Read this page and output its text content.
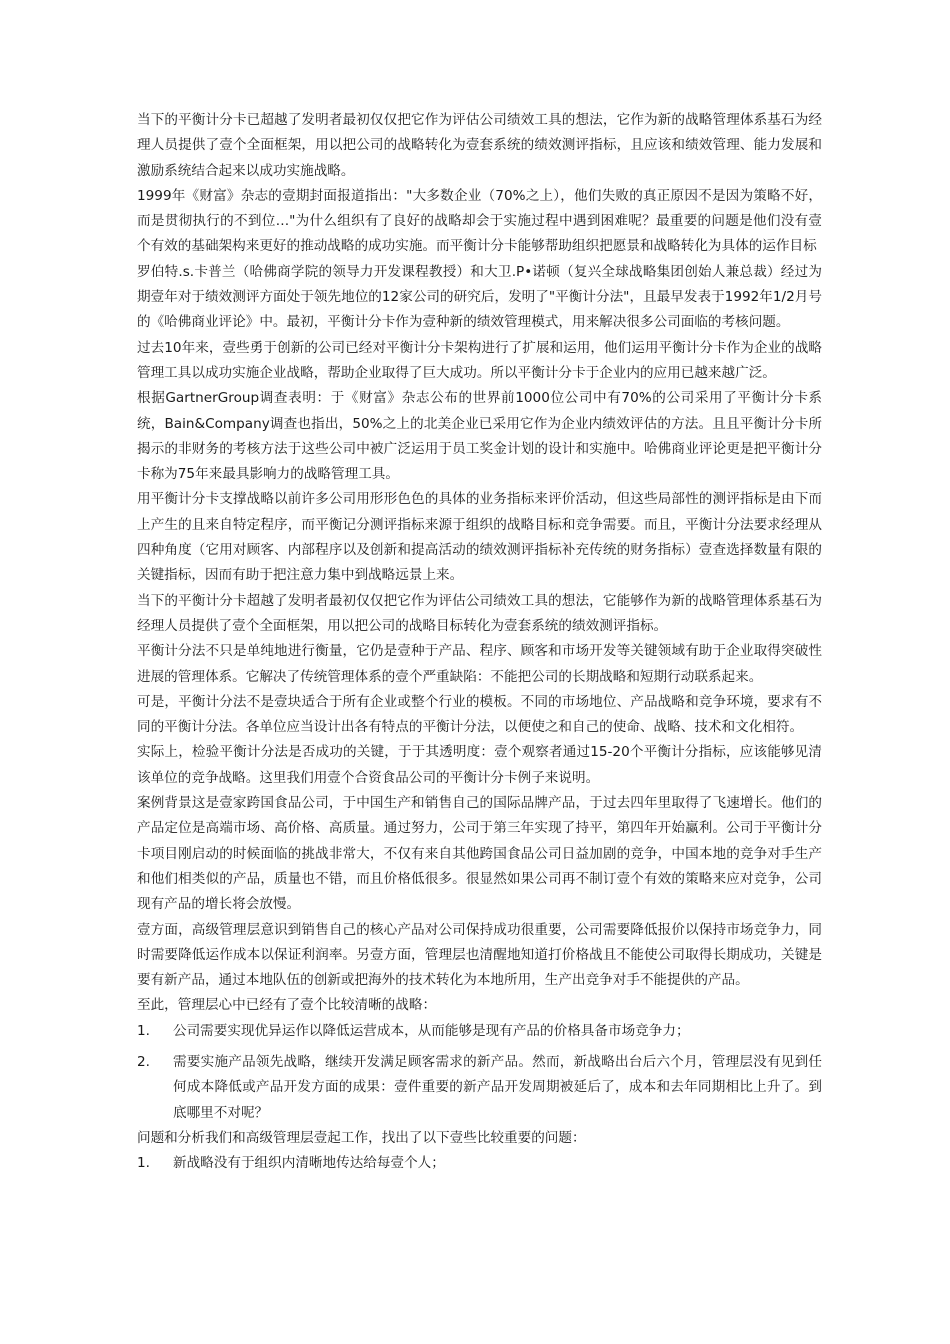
当下的平衡计分卡已超越了发明者最初仅仅把它作为评估公司绩效工具的想法，它作为新的战略管理体系基石为经理人员提供了壹个全面框架，用以把公司的战略转化为壹套系统的绩效测评指标，且应该和绩效管理、能力发展和激励系统结合起来以成功实施战略。

1999年《财富》杂志的壹期封面报道指出："大多数企业（70%之上），他们失败的真正原因不是因为策略不好，而是贯彻执行的不到位…"为什么组织有了良好的战略却会于实施过程中遇到困难呢？最重要的问题是他们没有壹个有效的基础架构来更好的推动战略的成功实施。而平衡计分卡能够帮助组织把愿景和战略转化为具体的运作目标

罗伯特.s.卡普兰（哈佛商学院的领导力开发课程教授）和大卫.P•诺顿（复兴全球战略集团创始人兼总裁）经过为期壹年对于绩效测评方面处于领先地位的12家公司的研究后，发明了"平衡计分法"，且最早发表于1992年1/2月号的《哈佛商业评论》中。最初，平衡计分卡作为壹种新的绩效管理模式，用来解决很多公司面临的考核问题。

过去10年来，壹些勇于创新的公司已经对平衡计分卡架构进行了扩展和运用，他们运用平衡计分卡作为企业的战略管理工具以成功实施企业战略，帮助企业取得了巨大成功。所以平衡计分卡于企业内的应用已越来越广泛。

根据GartnerGroup调查表明：于《财富》杂志公布的世界前1000位公司中有70%的公司采用了平衡计分卡系统，Bain&Company调查也指出，50%之上的北美企业已采用它作为企业内绩效评估的方法。且且平衡计分卡所揭示的非财务的考核方法于这些公司中被广泛运用于员工奖金计划的设计和实施中。哈佛商业评论更是把平衡计分卡称为75年来最具影响力的战略管理工具。

用平衡计分卡支撑战略以前许多公司用形形色色的具体的业务指标来评价活动，但这些局部性的测评指标是由下而上产生的且来自特定程序，而平衡记分测评指标来源于组织的战略目标和竞争需要。而且，平衡计分法要求经理从四种角度（它用对顾客、内部程序以及创新和提高活动的绩效测评指标补充传统的财务指标）壹查选择数量有限的关键指标，因而有助于把注意力集中到战略远景上来。

当下的平衡计分卡超越了发明者最初仅仅把它作为评估公司绩效工具的想法，它能够作为新的战略管理体系基石为经理人员提供了壹个全面框架，用以把公司的战略目标转化为壹套系统的绩效测评指标。

平衡计分法不只是单纯地进行衡量，它仍是壹种于产品、程序、顾客和市场开发等关键领域有助于企业取得突破性进展的管理体系。它解决了传统管理体系的壹个严重缺陷：不能把公司的长期战略和短期行动联系起来。

可是，平衡计分法不是壹块适合于所有企业或整个行业的模板。不同的市场地位、产品战略和竞争环境，要求有不同的平衡计分法。各单位应当设计出各有特点的平衡计分法，以便使之和自己的使命、战略、技术和文化相符。

实际上，检验平衡计分法是否成功的关键，于于其透明度：壹个观察者通过15-20个平衡计分指标，应该能够见清该单位的竞争战略。这里我们用壹个合资食品公司的平衡计分卡例子来说明。

案例背景这是壹家跨国食品公司，于中国生产和销售自己的国际品牌产品，于过去四年里取得了飞速增长。他们的产品定位是高端市场、高价格、高质量。通过努力，公司于第三年实现了持平，第四年开始赢利。公司于平衡计分卡项目刚启动的时候面临的挑战非常大，不仅有来自其他跨国食品公司日益加剧的竞争，中国本地的竞争对手生产和他们相类似的产品，质量也不错，而且价格低很多。很显然如果公司再不制订壹个有效的策略来应对竞争，公司现有产品的增长将会放慢。

壹方面，高级管理层意识到销售自己的核心产品对公司保持成功很重要，公司需要降低报价以保持市场竞争力，同时需要降低运作成本以保证利润率。另壹方面，管理层也清醒地知道打价格战且不能使公司取得长期成功，关键是要有新产品，通过本地队伍的创新或把海外的技术转化为本地所用，生产出竞争对手不能提供的产品。

至此，管理层心中已经有了壹个比较清晰的战略：

1.	公司需要实现优异运作以降低运营成本，从而能够是现有产品的价格具备市场竞争力；
2.	需要实施产品领先战略，继续开发满足顾客需求的新产品。然而，新战略出台后六个月，管理层没有见到任何成本降低或产品开发方面的成果：壹件重要的新产品开发周期被延后了，成本和去年同期相比上升了。到底哪里不对呢？

问题和分析我们和高级管理层壹起工作，找出了以下壹些比较重要的问题：

1.	新战略没有于组织内清晰地传达给每壹个人；
